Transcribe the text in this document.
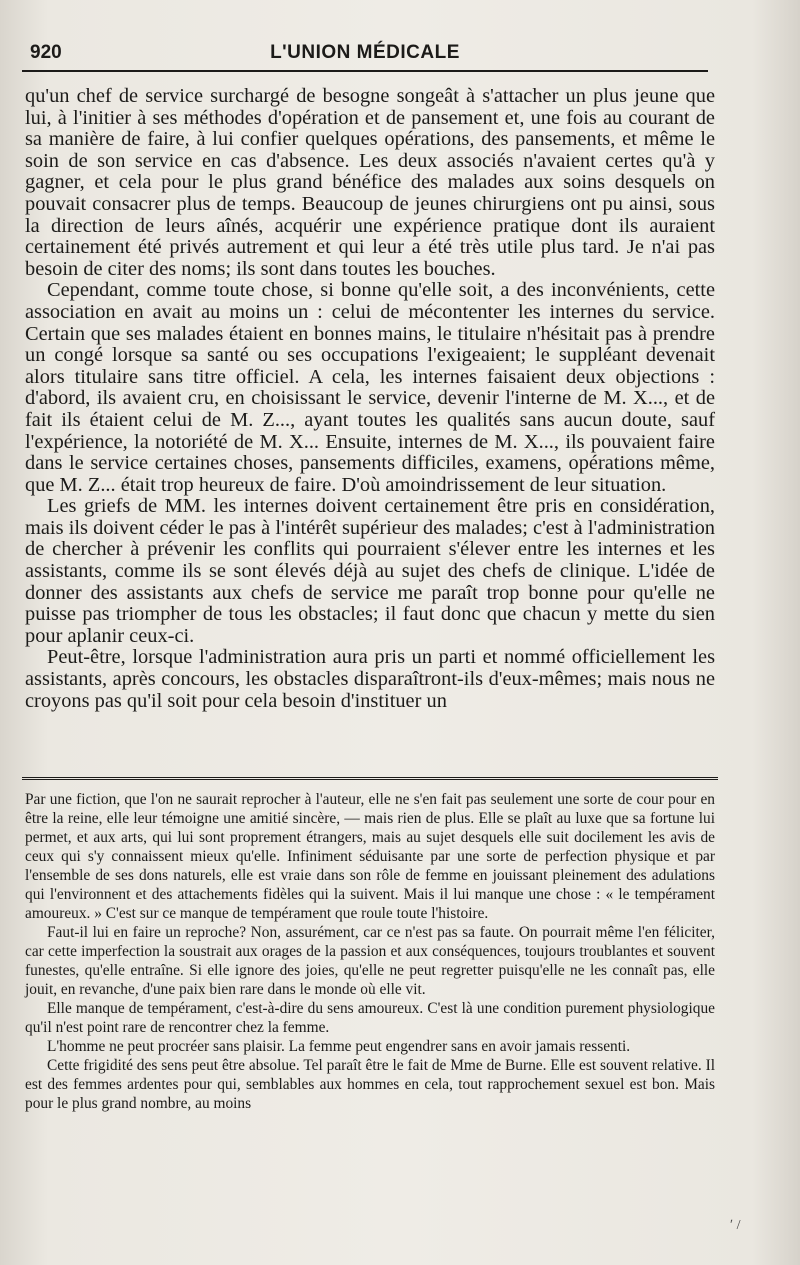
920	L'UNION MÉDICALE

qu'un chef de service surchargé de besogne songeât à s'attacher un plus jeune que lui, à l'initier à ses méthodes d'opération et de pansement et, une fois au courant de sa manière de faire, à lui confier quelques opérations, des pansements, et même le soin de son service en cas d'absence. Les deux associés n'avaient certes qu'à y gagner, et cela pour le plus grand bénéfice des malades aux soins desquels on pouvait consacrer plus de temps. Beaucoup de jeunes chirurgiens ont pu ainsi, sous la direction de leurs aînés, acquérir une expérience pratique dont ils auraient certainement été privés autrement et qui leur a été très utile plus tard. Je n'ai pas besoin de citer des noms; ils sont dans toutes les bouches.

Cependant, comme toute chose, si bonne qu'elle soit, a des inconvénients, cette association en avait au moins un : celui de mécontenter les internes du service. Certain que ses malades étaient en bonnes mains, le titulaire n'hésitait pas à prendre un congé lorsque sa santé ou ses occupations l'exigeaient; le suppléant devenait alors titulaire sans titre officiel. A cela, les internes faisaient deux objections : d'abord, ils avaient cru, en choisissant le service, devenir l'interne de M. X..., et de fait ils étaient celui de M. Z..., ayant toutes les qualités sans aucun doute, sauf l'expérience, la notoriété de M. X... Ensuite, internes de M. X..., ils pouvaient faire dans le service certaines choses, pansements difficiles, examens, opérations même, que M. Z... était trop heureux de faire. D'où amoindrissement de leur situation.

Les griefs de MM. les internes doivent certainement être pris en considération, mais ils doivent céder le pas à l'intérêt supérieur des malades; c'est à l'administration de chercher à prévenir les conflits qui pourraient s'élever entre les internes et les assistants, comme ils se sont élevés déjà au sujet des chefs de clinique. L'idée de donner des assistants aux chefs de service me paraît trop bonne pour qu'elle ne puisse pas triompher de tous les obstacles; il faut donc que chacun y mette du sien pour aplanir ceux-ci.

Peut-être, lorsque l'administration aura pris un parti et nommé officiellement les assistants, après concours, les obstacles disparaîtront-ils d'eux-mêmes; mais nous ne croyons pas qu'il soit pour cela besoin d'instituer un

Par une fiction, que l'on ne saurait reprocher à l'auteur, elle ne s'en fait pas seulement une sorte de cour pour en être la reine, elle leur témoigne une amitié sincère, — mais rien de plus. Elle se plaît au luxe que sa fortune lui permet, et aux arts, qui lui sont proprement étrangers, mais au sujet desquels elle suit docilement les avis de ceux qui s'y connaissent mieux qu'elle. Infiniment séduisante par une sorte de perfection physique et par l'ensemble de ses dons naturels, elle est vraie dans son rôle de femme en jouissant pleinement des adulations qui l'environnent et des attachements fidèles qui la suivent. Mais il lui manque une chose : « le tempérament amoureux. » C'est sur ce manque de tempérament que roule toute l'histoire.

Faut-il lui en faire un reproche? Non, assurément, car ce n'est pas sa faute. On pourrait même l'en féliciter, car cette imperfection la soustrait aux orages de la passion et aux conséquences, toujours troublantes et souvent funestes, qu'elle entraîne. Si elle ignore des joies, qu'elle ne peut regretter puisqu'elle ne les connaît pas, elle jouit, en revanche, d'une paix bien rare dans le monde où elle vit.

Elle manque de tempérament, c'est-à-dire du sens amoureux. C'est là une condition purement physiologique qu'il n'est point rare de rencontrer chez la femme.

L'homme ne peut procréer sans plaisir. La femme peut engendrer sans en avoir jamais ressenti.

Cette frigidité des sens peut être absolue. Tel paraît être le fait de Mme de Burne. Elle est souvent relative. Il est des femmes ardentes pour qui, semblables aux hommes en cela, tout rapprochement sexuel est bon. Mais pour le plus grand nombre, au moins

ʹ /
